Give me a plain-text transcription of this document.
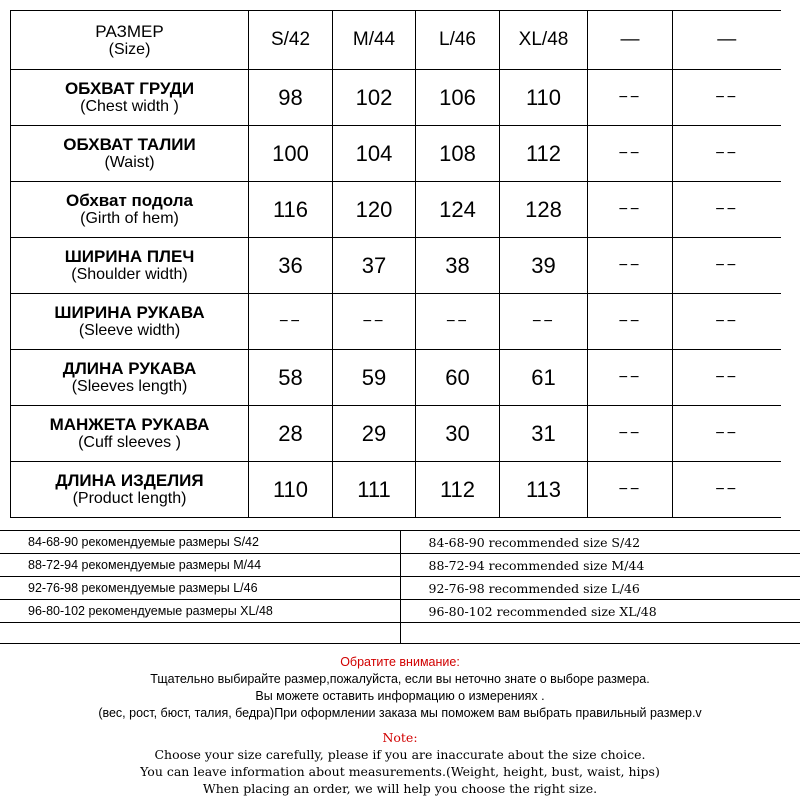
РАЗМЕР
(Size)	S/42	M/44	L/46	XL/48	—	—

ОБХВАТ ГРУДИ
(Chest width )	98	102	106	110	−−	−−

ОБХВАТ ТАЛИИ
(Waist)	100	104	108	112	−−	−−

Обхват подола
(Girth of hem)	116	120	124	128	−−	−−

ШИРИНА ПЛЕЧ
(Shoulder width)	36	37	38	39	−−	−−

ШИРИНА РУКАВА
(Sleeve width)	−−	−−	−−	−−	−−	−−

ДЛИНА РУКАВА
(Sleeves length)	58	59	60	61	−−	−−

МАНЖЕТА РУКАВА
(Cuff sleeves )	28	29	30	31	−−	−−

ДЛИНА ИЗДЕЛИЯ
(Product length)	110	111	112	113	−−	−−
84-68-90 рекомендуемые размеры S/42	84-68-90 recommended size S/42
88-72-94 рекомендуемые размеры M/44	88-72-94 recommended size M/44
92-76-98 рекомендуемые размеры L/46	92-76-98 recommended size L/46
96-80-102 рекомендуемые размеры XL/48	96-80-102 recommended size XL/48

Обратите внимание:
Тщательно выбирайте размер,пожалуйста, если вы неточно знате о выборе размера.
Вы можете оставить информацию о измерениях .
(вес, рост, бюст, талия, бедра)При оформлении заказа мы поможем вам выбрать правильный размер.v
Note:
Choose your size carefully, please if you are inaccurate about the size choice.
You can leave information about measurements.(Weight, height, bust, waist, hips)
When placing an order, we will help you choose the right size.
